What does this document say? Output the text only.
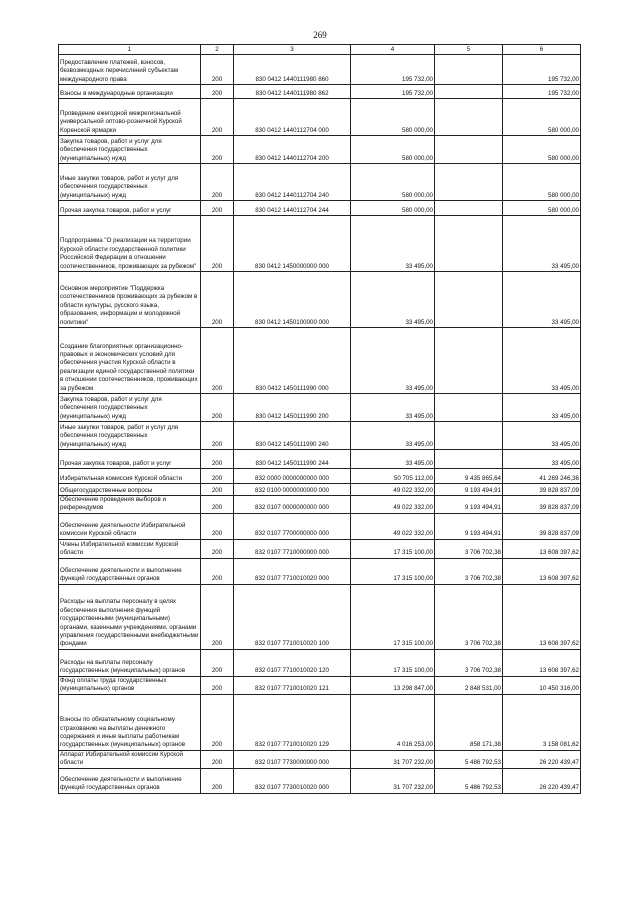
269
1	2	3	4	5	6
Предоставление платежей, взносов, безвозмездных перечислений субъектам международного права	200	830 0412 1440111980 860	195 732,00		195 732,00
Взносы в международные организации	200	830 0412 1440111980 862	195 732,00		195 732,00
Проведение ежегодной межрегиональной универсальной оптово-розничной Курской Коренской ярмарки	200	830 0412 1440112704 000	580 000,00		580 000,00
Закупка товаров, работ и услуг для обеспечения государственных (муниципальных) нужд	200	830 0412 1440112704 200	580 000,00		580 000,00
Иные закупки товаров, работ и услуг для обеспечения государственных (муниципальных) нужд	200	830 0412 1440112704 240	580 000,00		580 000,00
Прочая закупка товаров, работ и услуг	200	830 0412 1440112704 244	580 000,00		580 000,00
Подпрограмма "О реализации на территории Курской области государственной политики Российской Федерации в отношении соотечественников, проживающих за рубежом"	200	830 0412 1450000000 000	33 495,00		33 495,00
Основное мероприятие "Поддержка соотечественников проживающих за рубежом в области культуры, русского языка, образования, информации и молодежной политики"	200	830 0412 1450100000 000	33 495,00		33 495,00
Создание благоприятных организационно-правовых и экономических условий для обеспечения участия Курской области в реализации единой государственной политики в отношении соотечественников, проживающих за рубежом	200	830 0412 1450111990 000	33 495,00		33 495,00
Закупка товаров, работ и услуг для обеспечения государственных (муниципальных) нужд	200	830 0412 1450111990 200	33 495,00		33 495,00
Иные закупки товаров, работ и услуг для обеспечения государственных (муниципальных) нужд	200	830 0412 1450111990 240	33 495,00		33 495,00
Прочая закупка товаров, работ и услуг	200	830 0412 1450111990 244	33 495,00		33 495,00
Избирательная комиссия Курской области	200	832 0000 0000000000 000	50 705 112,00	9 435 865,64	41 269 246,36
Общегосударственные вопросы	200	832 0100 0000000000 000	49 022 332,00	9 193 494,91	39 828 837,09
Обеспечение проведения выборов и референдумов	200	832 0107 0000000000 000	49 022 332,00	9 193 494,91	39 828 837,09
Обеспечение деятельности Избирательной комиссии Курской области	200	832 0107 7700000000 000	49 022 332,00	9 193 494,91	39 828 837,09
Члены Избирательной комиссии Курской области	200	832 0107 7710000000 000	17 315 100,00	3 706 702,38	13 608 397,62
Обеспечение деятельности и выполнение функций государственных органов	200	832 0107 7710010020 000	17 315 100,00	3 706 702,38	13 608 397,62
Расходы на выплаты персоналу в целях обеспечения выполнения функций государственными (муниципальными) органами, казенными учреждениями, органами управления государственными внебюджетными фондами	200	832 0107 7710010020 100	17 315 100,00	3 706 702,38	13 608 397,62
Расходы на выплаты персоналу государственных (муниципальных) органов	200	832 0107 7710010020 120	17 315 100,00	3 706 702,38	13 608 397,62
Фонд оплаты труда государственных (муниципальных) органов	200	832 0107 7710010020 121	13 298 847,00	2 848 531,00	10 450 316,00
Взносы по обязательному социальному страхованию на выплаты денежного содержания и иные выплаты работникам государственных (муниципальных) органов	200	832 0107 7710010020 129	4 016 253,00	858 171,38	3 158 081,62
Аппарат Избирательной комиссии Курской области	200	832 0107 7730000000 000	31 707 232,00	5 486 792,53	26 220 439,47
Обеспечение деятельности и выполнение функций государственных органов	200	832 0107 7730010020 000	31 707 232,00	5 486 792,53	26 220 439,47
